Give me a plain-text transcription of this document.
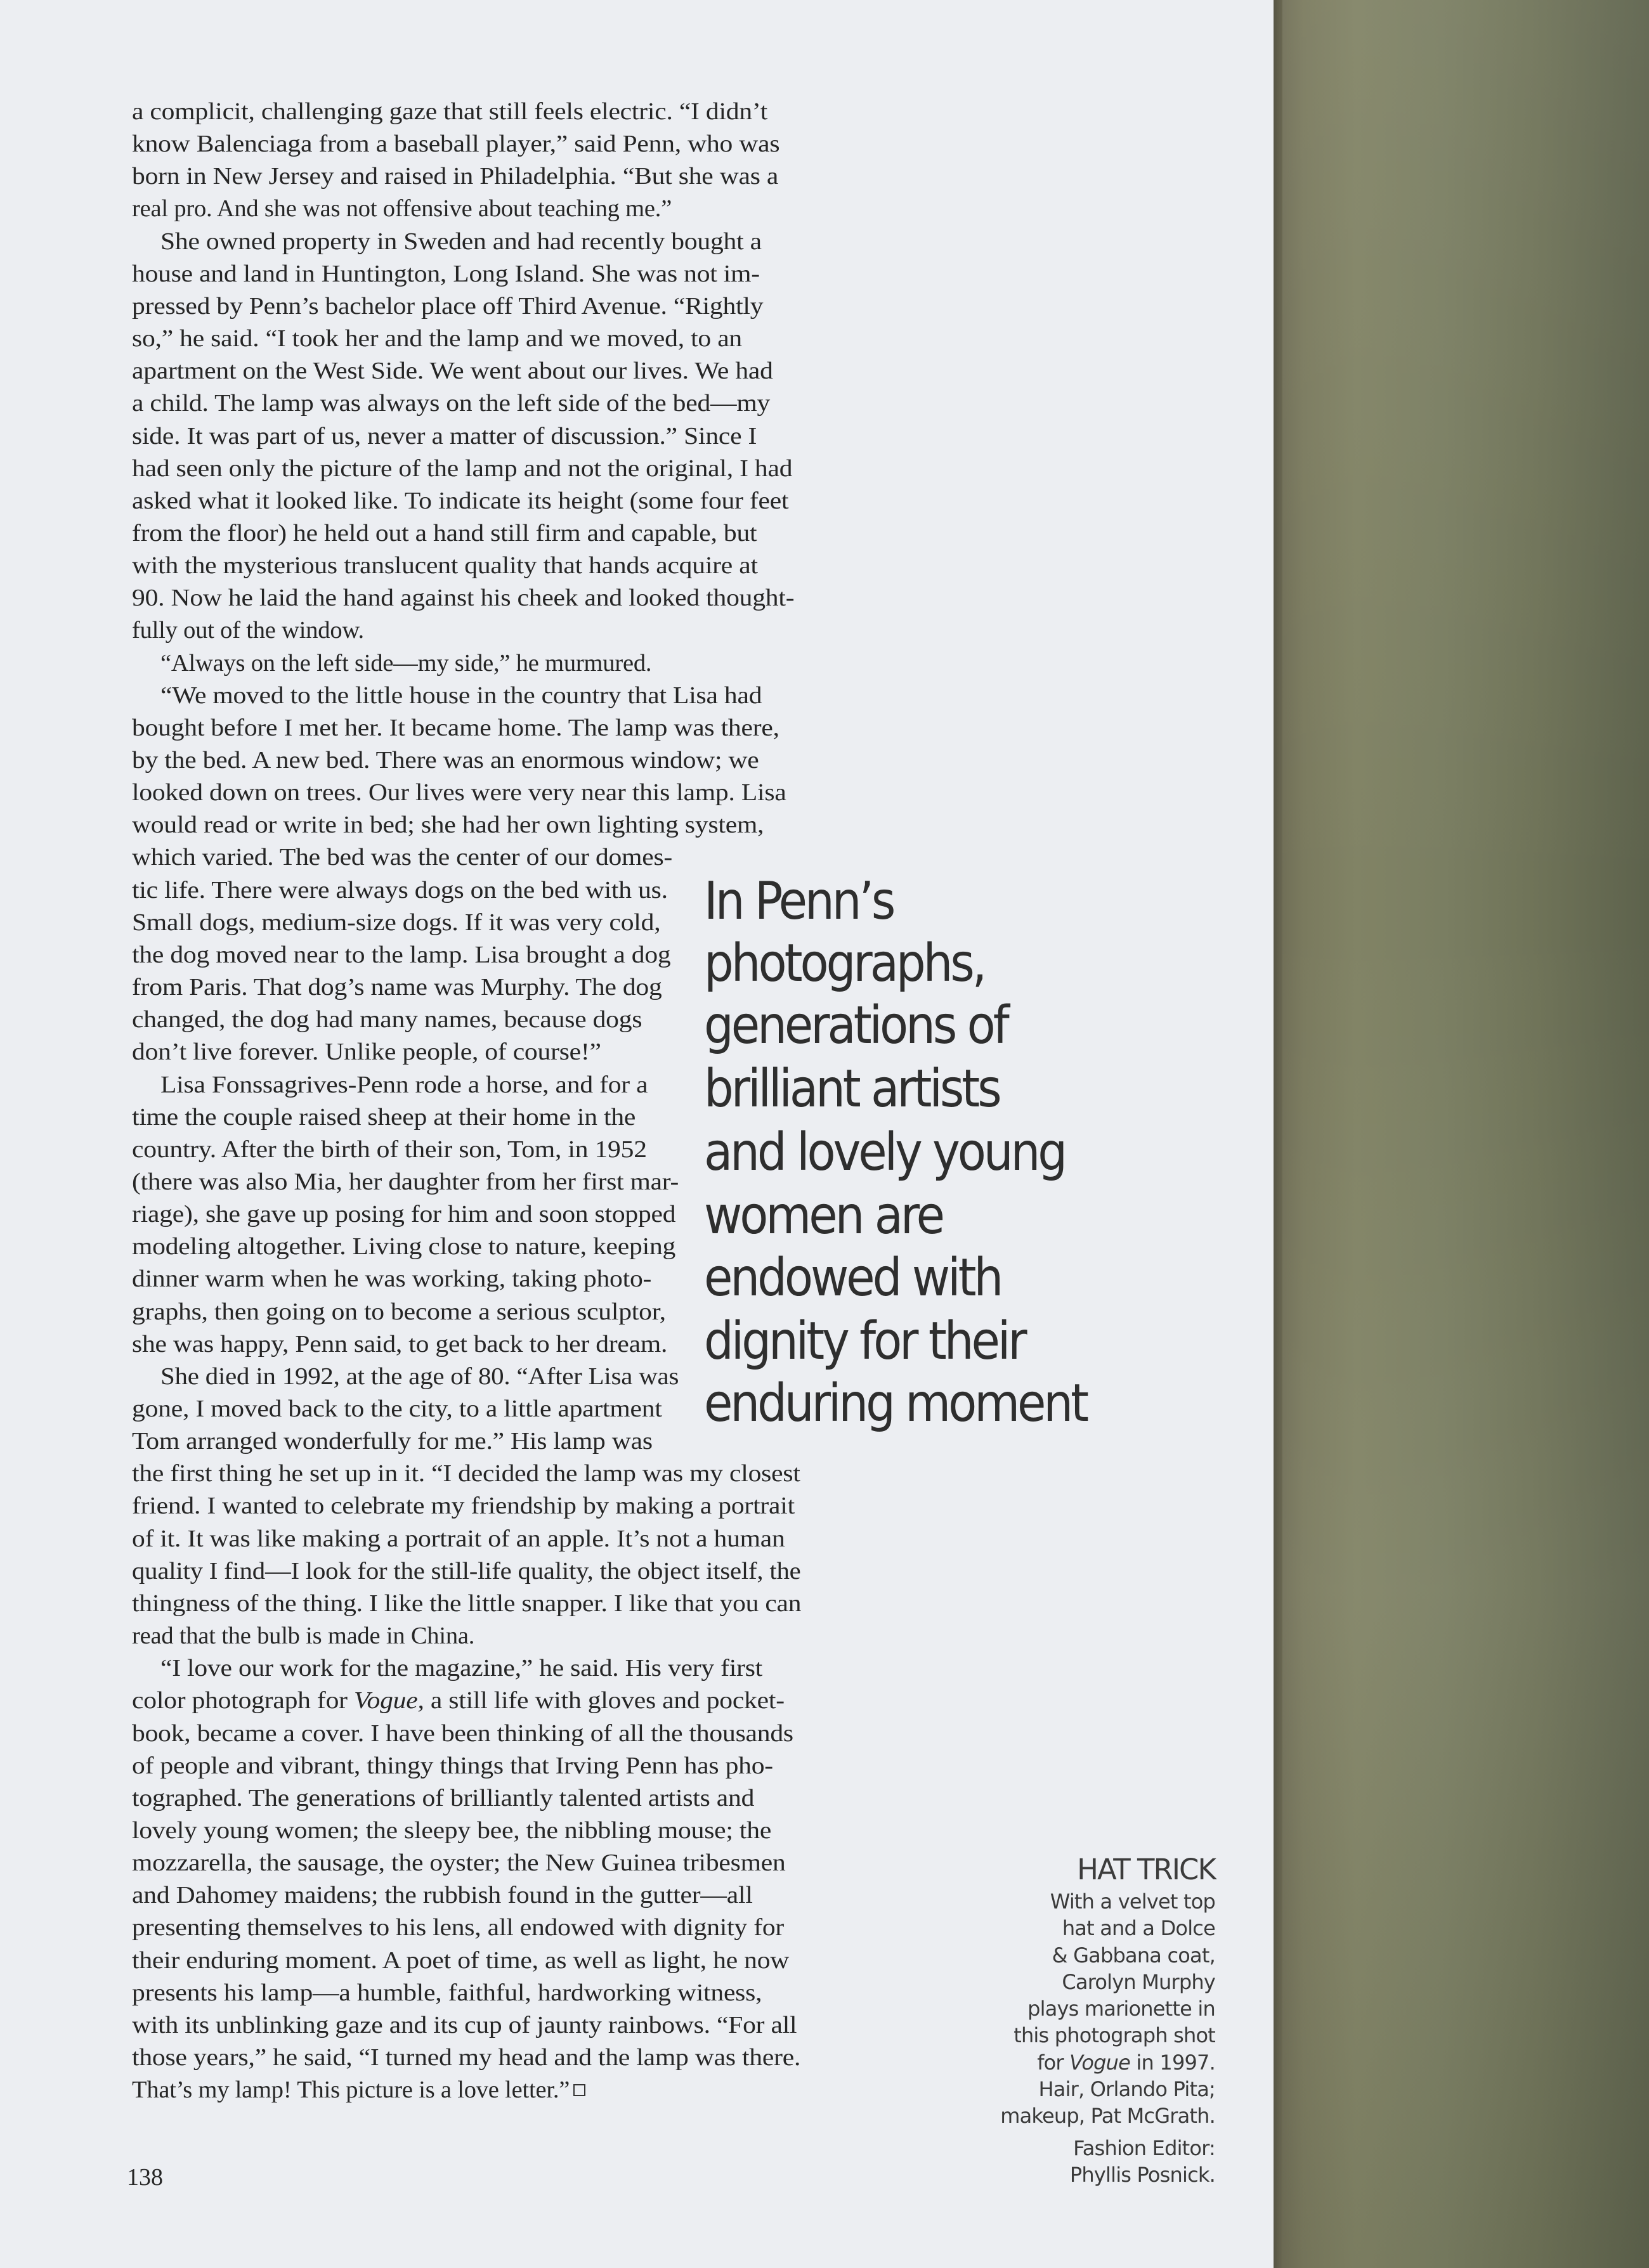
a complicit, challenging gaze that still feels electric. “I didn’t
know Balenciaga from a baseball player,” said Penn, who was
born in New Jersey and raised in Philadelphia. “But she was a
real pro. And she was not offensive about teaching me.”
She owned property in Sweden and had recently bought a
house and land in Huntington, Long Island. She was not im-
pressed by Penn’s bachelor place off Third Avenue. “Rightly
so,” he said. “I took her and the lamp and we moved, to an
apartment on the West Side. We went about our lives. We had
a child. The lamp was always on the left side of the bed—my
side. It was part of us, never a matter of discussion.” Since I
had seen only the picture of the lamp and not the original, I had
asked what it looked like. To indicate its height (some four feet
from the floor) he held out a hand still firm and capable, but
with the mysterious translucent quality that hands acquire at
90. Now he laid the hand against his cheek and looked thought-
fully out of the window.
“Always on the left side—my side,” he murmured.
“We moved to the little house in the country that Lisa had
bought before I met her. It became home. The lamp was there,
by the bed. A new bed. There was an enormous window; we
looked down on trees. Our lives were very near this lamp. Lisa
would read or write in bed; she had her own lighting system,
which varied. The bed was the center of our domes-
tic life. There were always dogs on the bed with us.
Small dogs, medium-size dogs. If it was very cold,
the dog moved near to the lamp. Lisa brought a dog
from Paris. That dog’s name was Murphy. The dog
changed, the dog had many names, because dogs
don’t live forever. Unlike people, of course!”
Lisa Fonssagrives-Penn rode a horse, and for a
time the couple raised sheep at their home in the
country. After the birth of their son, Tom, in 1952
(there was also Mia, her daughter from her first mar-
riage), she gave up posing for him and soon stopped
modeling altogether. Living close to nature, keeping
dinner warm when he was working, taking photo-
graphs, then going on to become a serious sculptor,
she was happy, Penn said, to get back to her dream.
She died in 1992, at the age of 80. “After Lisa was
gone, I moved back to the city, to a little apartment
Tom arranged wonderfully for me.” His lamp was
the first thing he set up in it. “I decided the lamp was my closest
friend. I wanted to celebrate my friendship by making a portrait
of it. It was like making a portrait of an apple. It’s not a human
quality I find—I look for the still-life quality, the object itself, the
thingness of the thing. I like the little snapper. I like that you can
read that the bulb is made in China.
“I love our work for the magazine,” he said. His very first
color photograph for Vogue, a still life with gloves and pocket-
book, became a cover. I have been thinking of all the thousands
of people and vibrant, thingy things that Irving Penn has pho-
tographed. The generations of brilliantly talented artists and
lovely young women; the sleepy bee, the nibbling mouse; the
mozzarella, the sausage, the oyster; the New Guinea tribesmen
and Dahomey maidens; the rubbish found in the gutter—all
presenting themselves to his lens, all endowed with dignity for
their enduring moment. A poet of time, as well as light, he now
presents his lamp—a humble, faithful, hardworking witness,
with its unblinking gaze and its cup of jaunty rainbows. “For all
those years,” he said, “I turned my head and the lamp was there.
That’s my lamp! This picture is a love letter.”
In Penn’s
photographs,
generations of
brilliant artists
and lovely young
women are
endowed with
dignity for their
enduring moment
HAT TRICK
With a velvet top
hat and a Dolce
& Gabbana coat,
Carolyn Murphy
plays marionette in
this photograph shot
for Vogue in 1997.
Hair, Orlando Pita;
makeup, Pat McGrath.
Fashion Editor:
Phyllis Posnick.
138
